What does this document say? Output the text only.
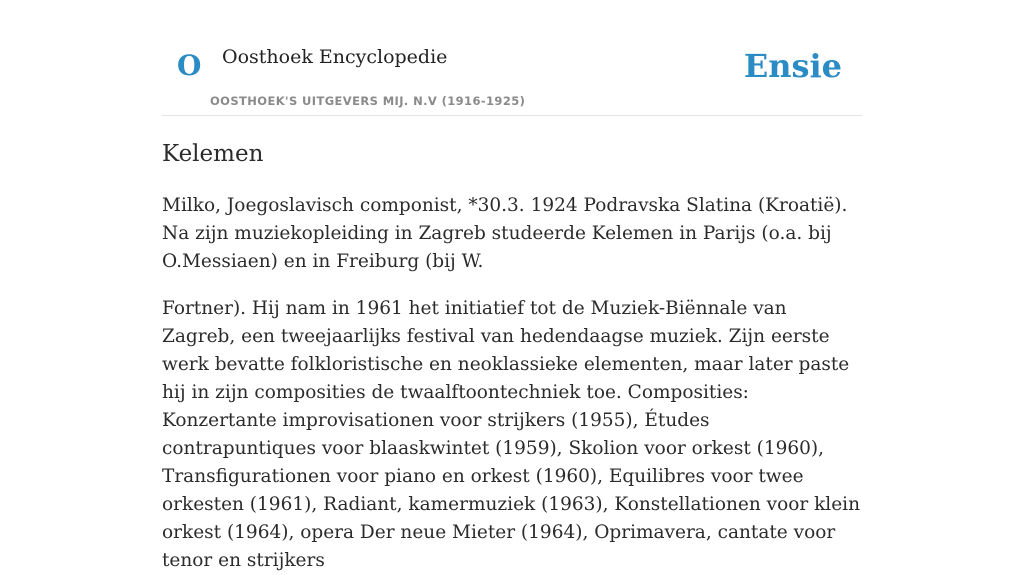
O Oosthoek Encyclopedie
OOSTHOEK'S UITGEVERS MIJ. N.V (1916-1925)
Ensie
Kelemen

Milko, Joegoslavisch componist, *30.3. 1924 Podravska Slatina (Kroatië). Na zijn muziekopleiding in Zagreb studeerde Kelemen in Parijs (o.a. bij O.Messiaen) en in Freiburg (bij W.

Fortner). Hij nam in 1961 het initiatief tot de Muziek-Biënnale van Zagreb, een tweejaarlijks festival van hedendaagse muziek. Zijn eerste werk bevatte folkloristische en neoklassieke elementen, maar later paste hij in zijn composities de twaalftoontechniek toe. Composities: Konzertante improvisationen voor strijkers (1955), Études contrapuntiques voor blaaskwintet (1959), Skolion voor orkest (1960), Transfigurationen voor piano en orkest (1960), Equilibres voor twee orkesten (1961), Radiant, kamermuziek (1963), Konstellationen voor klein orkest (1964), opera Der neue Mieter (1964), Oprimavera, cantate voor tenor en strijkers
